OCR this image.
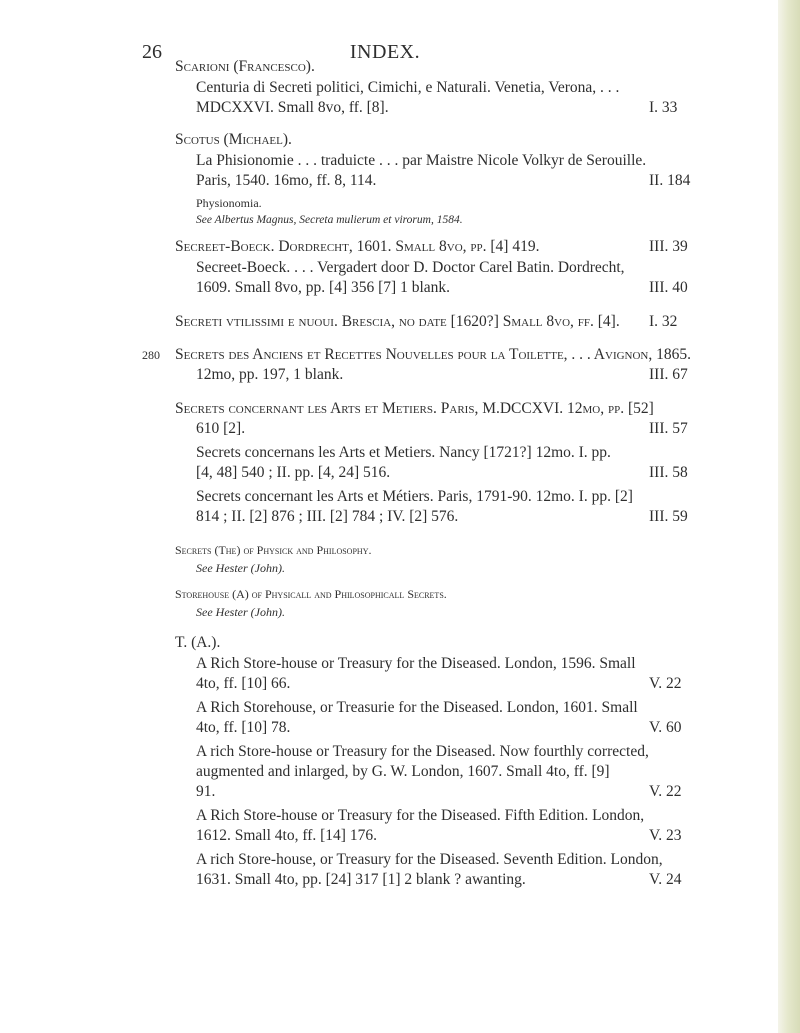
26	INDEX.
Scarioni (Francesco).
Centuria di Secreti politici, Cimichi, e Naturali. Venetia, Verona, . . .
MDCXXVI. Small 8vo, ff. [8].	I. 33
Scotus (Michael).
La Phisionomie . . . traduicte . . . par Maistre Nicole Volkyr de Serouille.
Paris, 1540. 16mo, ff. 8, 114.	II. 184
Physionomia.
See Albertus Magnus, Secreta mulierum et virorum, 1584.
Secreet-Boeck. Dordrecht, 1601. Small 8vo, pp. [4] 419.	III. 39
Secreet-Boeck. . . . Vergadert door D. Doctor Carel Batin. Dordrecht,
1609. Small 8vo, pp. [4] 356 [7] 1 blank.	III. 40
Secreti vtilissimi e nuoui. Brescia, no date [1620?] Small 8vo, ff. [4]. I. 32
280 Secrets des Anciens et Recettes Nouvelles pour la Toilette, . . . Avignon, 1865.
12mo, pp. 197, 1 blank.	III. 67
Secrets concernant les Arts et Metiers. Paris, M.DCCXVI. 12mo, pp. [52]
610 [2].	III. 57
Secrets concernans les Arts et Metiers. Nancy [1721?] 12mo. I. pp.
[4, 48] 540 ; II. pp. [4, 24] 516.	III. 58
Secrets concernant les Arts et Métiers. Paris, 1791-90. 12mo. I. pp. [2]
814 ; II. [2] 876 ; III. [2] 784 ; IV. [2] 576.	III. 59
Secrets (The) of Physick and Philosophy.
See Hester (John).
Storehouse (A) of Physicall and Philosophicall Secrets.
See Hester (John).
T. (A.).
A Rich Store-house or Treasury for the Diseased. London, 1596. Small
4to, ff. [10] 66.	V. 22
A Rich Storehouse, or Treasurie for the Diseased. London, 1601. Small
4to, ff. [10] 78.	V. 60
A rich Store-house or Treasury for the Diseased. Now fourthly corrected,
augmented and inlarged, by G. W. London, 1607. Small 4to, ff. [9]
91.	V. 22
A Rich Store-house or Treasury for the Diseased. Fifth Edition. London,
1612. Small 4to, ff. [14] 176.	V. 23
A rich Store-house, or Treasury for the Diseased. Seventh Edition. London,
1631. Small 4to, pp. [24] 317 [1] 2 blank ? awanting.	V. 24
